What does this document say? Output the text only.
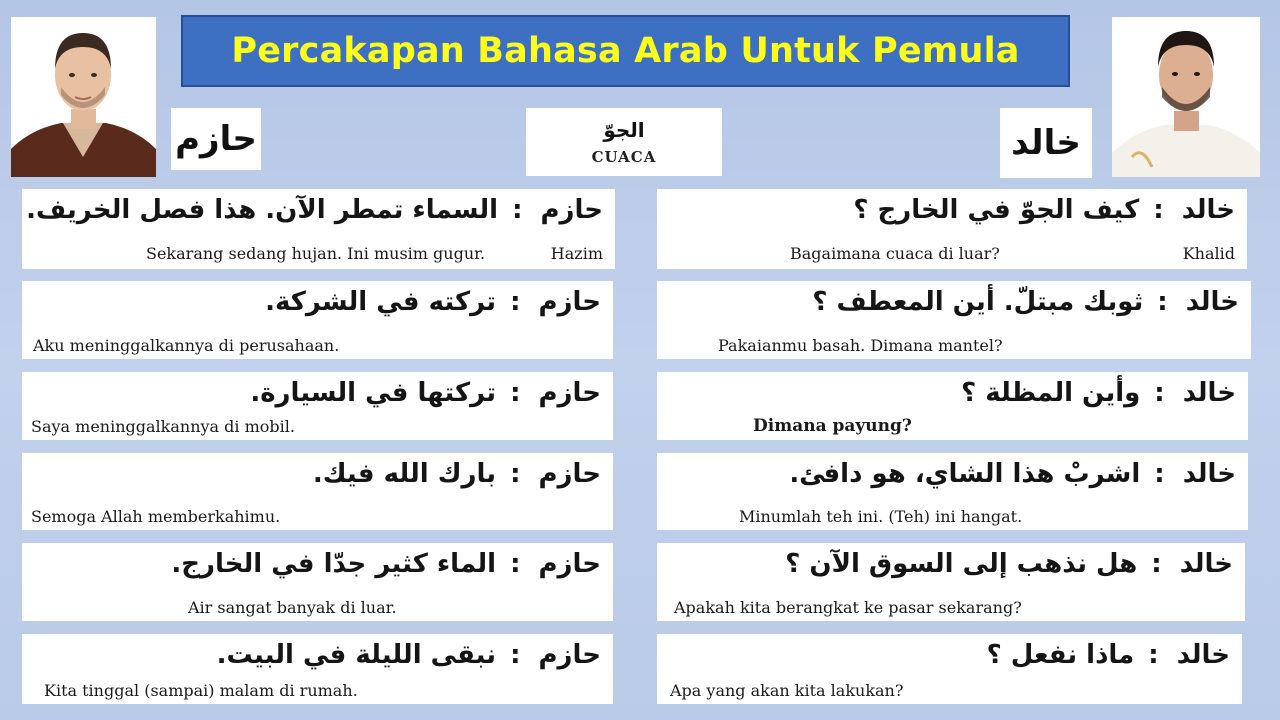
Percakapan Bahasa Arab Untuk Pemula
حازم	خالد
الجوّ
CUACA
حازم:السماء تمطر الآن. هذا فصل الخريف.
Sekarang sedang hujan. Ini musim gugur.	Hazim
حازم:تركته في الشركة.
Aku meninggalkannya di perusahaan.
حازم:تركتها في السيارة.
Saya meninggalkannya di mobil.
حازم:بارك الله فيك.
Semoga Allah memberkahimu.
حازم:الماء كثير جدّا في الخارج.
Air sangat banyak di luar.
حازم:نبقى الليلة في البيت.
Kita tinggal (sampai) malam di rumah.
خالد:كيف الجوّ في الخارج ؟
Bagaimana cuaca di luar?	Khalid
خالد:ثوبك مبتلّ. أين المعطف ؟
Pakaianmu basah. Dimana mantel?
خالد:وأين المظلة ؟
Dimana payung?
خالد:اشربْ هذا الشاي، هو دافئ.
Minumlah teh ini. (Teh) ini hangat.
خالد:هل نذهب إلى السوق الآن ؟
Apakah kita berangkat ke pasar sekarang?
خالد:ماذا نفعل ؟
Apa yang akan kita lakukan?
